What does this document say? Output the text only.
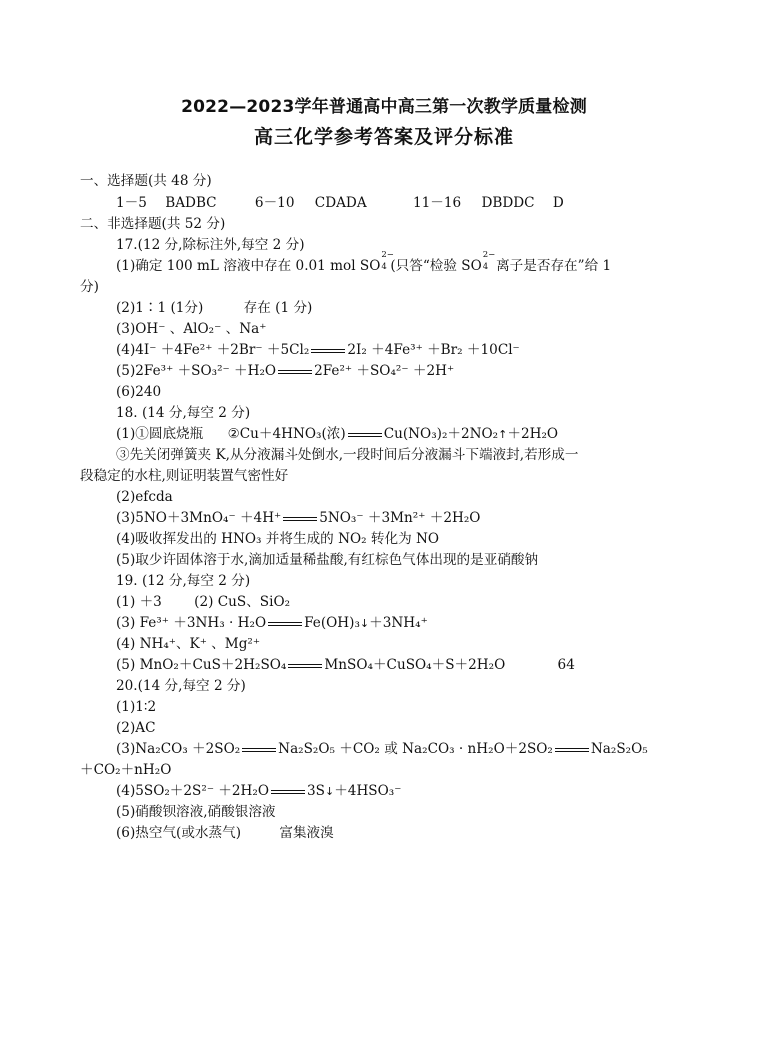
2022—2023学年普通高中高三第一次教学质量检测
高三化学参考答案及评分标准
一、选择题(共 48 分)
1－5 BADBC	6－10 CDADA	11－16 DBDDC D
二、非选择题(共 52 分)
17.(12 分,除标注外,每空 2 分)
(1)确定 100 mL 溶液中存在 0.01 mol SO
2−
4 (只答“检验 SO
2−
4 离子是否存在”给 1
分)
(2)1∶1 (1分)	存在 (1 分)
(3)OH⁻ 、AlO₂⁻ 、Na⁺
(4)4I⁻ ＋4Fe²⁺ ＋2Br⁻ ＋5Cl₂	2I₂ ＋4Fe³⁺ ＋Br₂ ＋10Cl⁻
(5)2Fe³⁺ ＋SO₃²⁻ ＋H₂O	2Fe²⁺ ＋SO₄²⁻ ＋2H⁺
(6)240
18. (14 分,每空 2 分)
(1)①圆底烧瓶 ②Cu＋4HNO₃(浓)	Cu(NO₃)₂＋2NO₂↑＋2H₂O
③先关闭弹簧夹 K,从分液漏斗处倒水,一段时间后分液漏斗下端液封,若形成一
段稳定的水柱,则证明装置气密性好
(2)efcda
(3)5NO＋3MnO₄⁻ ＋4H⁺	5NO₃⁻ ＋3Mn²⁺ ＋2H₂O
(4)吸收挥发出的 HNO₃ 并将生成的 NO₂ 转化为 NO
(5)取少许固体溶于水,滴加适量稀盐酸,有红棕色气体出现的是亚硝酸钠
19. (12 分,每空 2 分)
(1) ＋3 (2) CuS、SiO₂
(3) Fe³⁺ ＋3NH₃ · H₂O	Fe(OH)₃↓＋3NH₄⁺
(4) NH₄⁺、K⁺ 、Mg²⁺
(5) MnO₂＋CuS＋2H₂SO₄	MnSO₄＋CuSO₄＋S＋2H₂O	64
20.(14 分,每空 2 分)
(1)1∶2
(2)AC
(3)Na₂CO₃ ＋2SO₂	Na₂S₂O₅ ＋CO₂ 或 Na₂CO₃ · nH₂O＋2SO₂	Na₂S₂O₅
＋CO₂＋nH₂O
(4)5SO₂＋2S²⁻ ＋2H₂O	3S↓＋4HSO₃⁻
(5)硝酸钡溶液,硝酸银溶液
(6)热空气(或水蒸气)	富集液溴
